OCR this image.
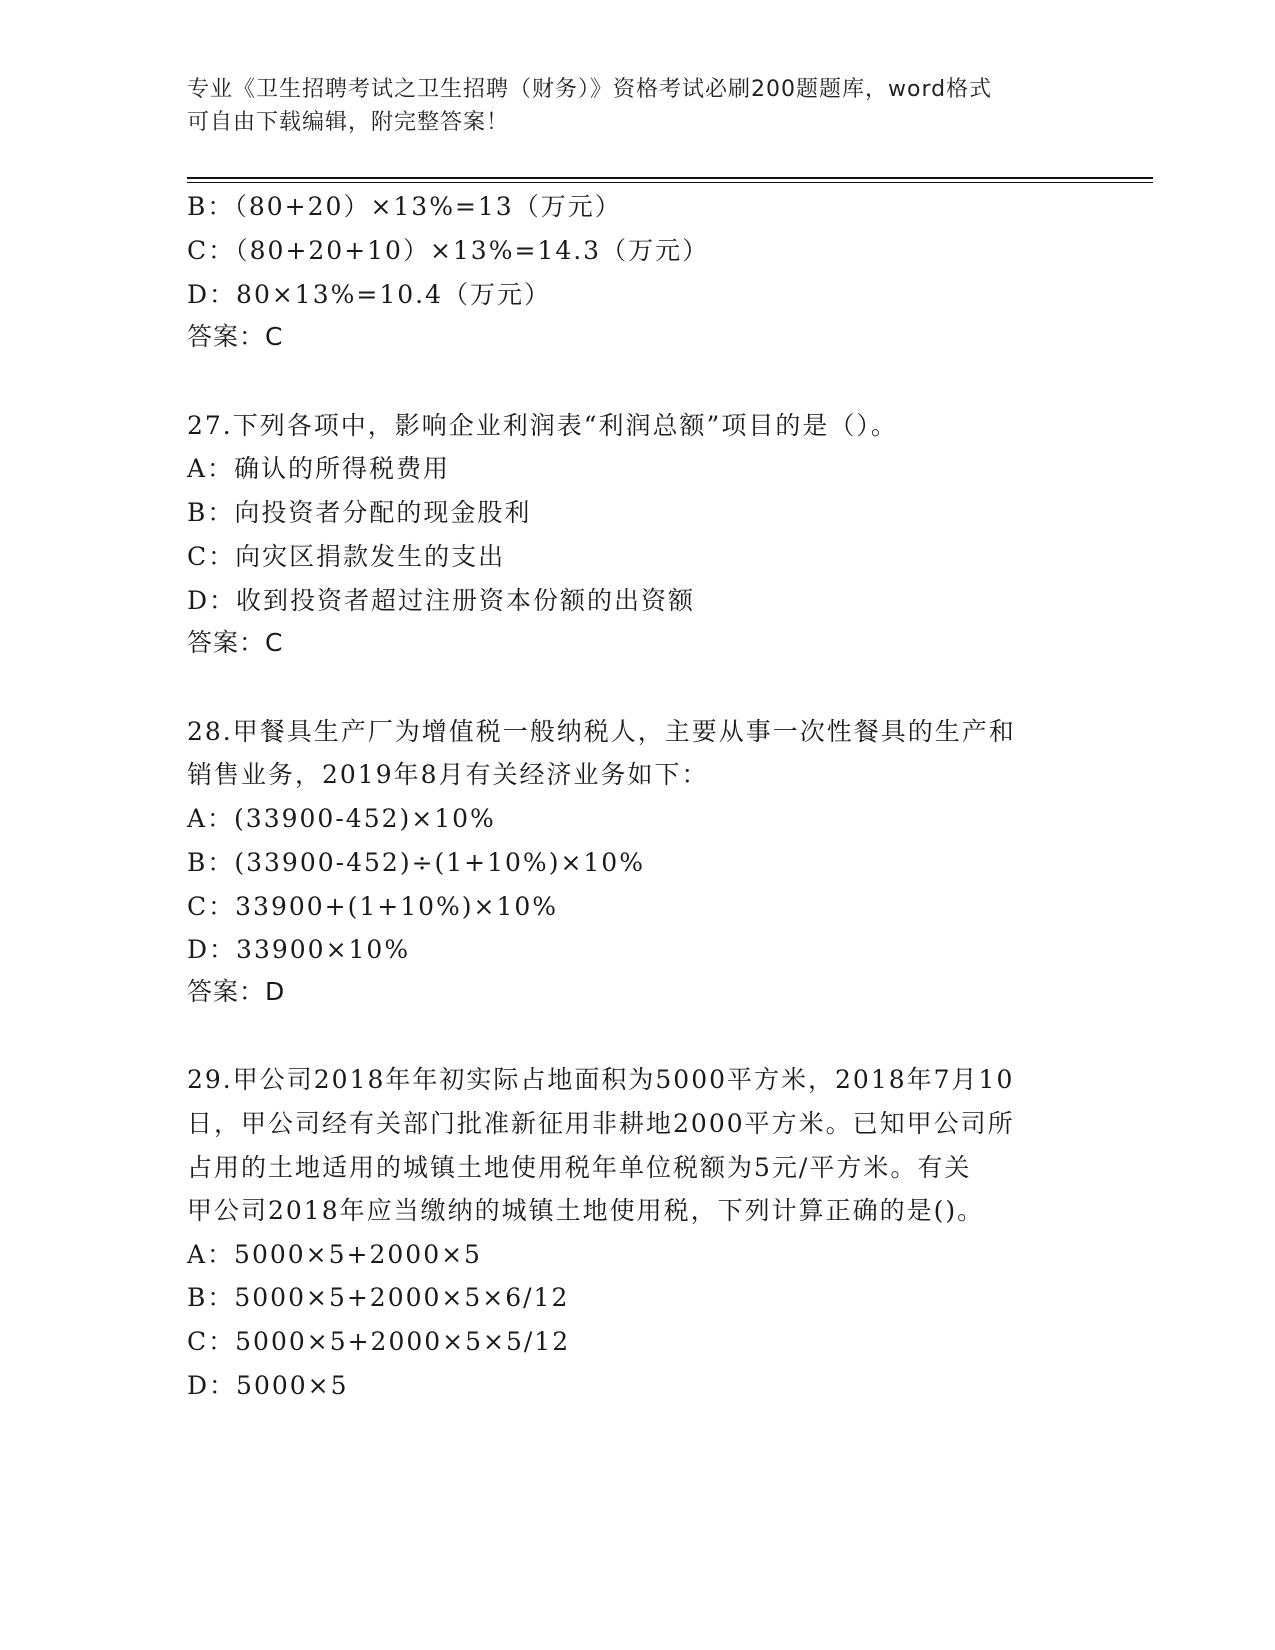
专业《卫生招聘考试之卫生招聘（财务）》资格考试必刷200题题库，word格式
可自由下载编辑，附完整答案！
B：（80+20）×13%=13（万元）
C：（80+20+10）×13%=14.3（万元）
D：80×13%=10.4（万元）
答案：C
27.下列各项中，影响企业利润表“利润总额”项目的是（）。
A：确认的所得税费用
B：向投资者分配的现金股利
C：向灾区捐款发生的支出
D：收到投资者超过注册资本份额的出资额
答案：C
28.甲餐具生产厂为增值税一般纳税人，主要从事一次性餐具的生产和
销售业务，2019年8月有关经济业务如下：
A：(33900-452)×10%
B：(33900-452)÷(1+10%)×10%
C：33900+(1+10%)×10%
D：33900×10%
答案：D
29.甲公司2018年年初实际占地面积为5000平方米，2018年7月10
日，甲公司经有关部门批准新征用非耕地2000平方米。已知甲公司所
占用的土地适用的城镇土地使用税年单位税额为5元/平方米。有关
甲公司2018年应当缴纳的城镇土地使用税，下列计算正确的是()。
A：5000×5+2000×5
B：5000×5+2000×5×6/12
C：5000×5+2000×5×5/12
D：5000×5
